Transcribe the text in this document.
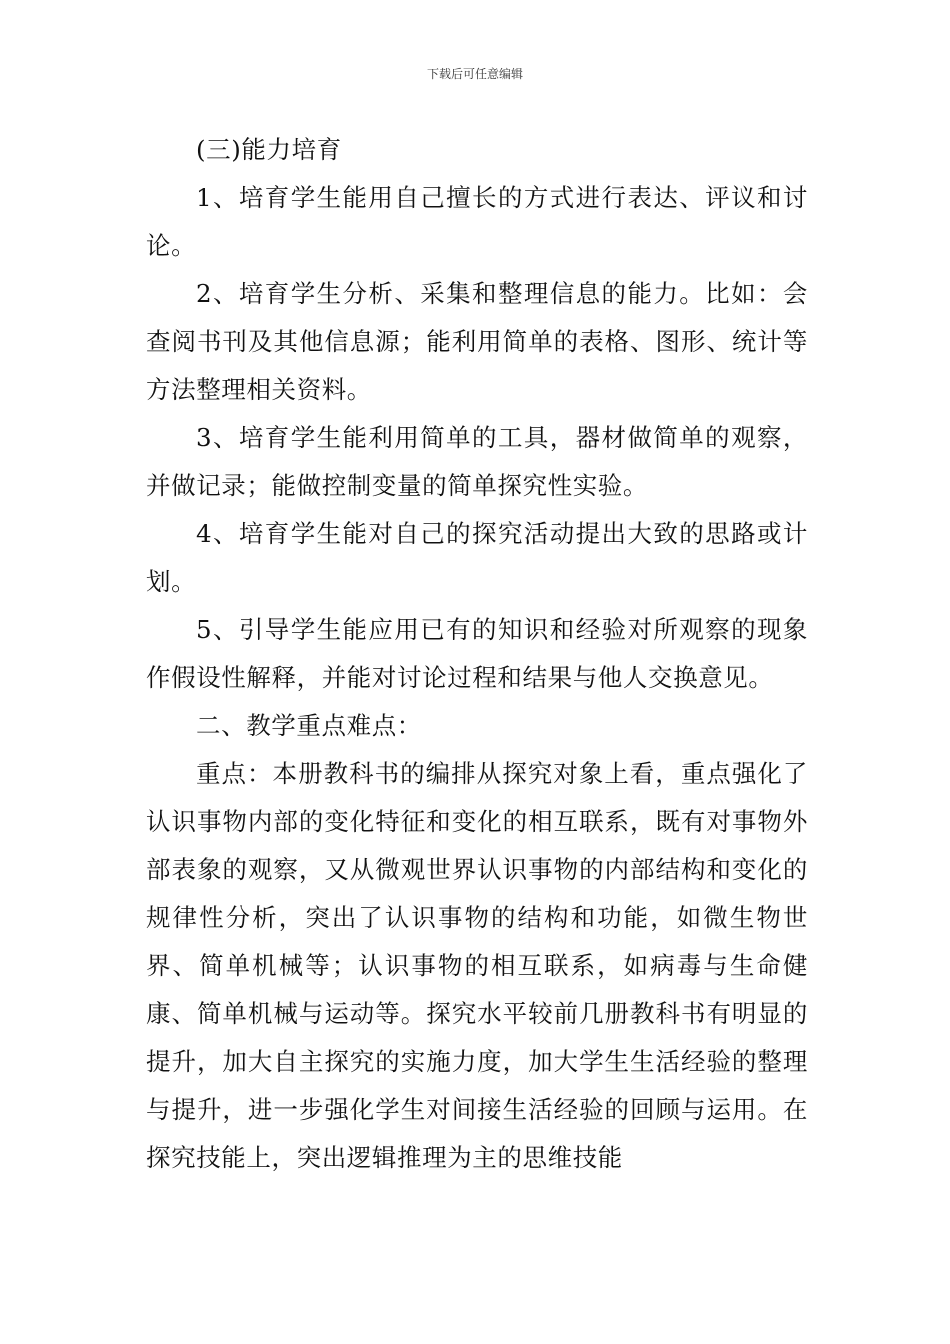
下载后可任意编辑

(三)能力培育

1、培育学生能用自己擅长的方式进行表达、评议和讨论。

2、培育学生分析、采集和整理信息的能力。比如：会查阅书刊及其他信息源；能利用简单的表格、图形、统计等方法整理相关资料。

3、培育学生能利用简单的工具，器材做简单的观察，并做记录；能做控制变量的简单探究性实验。

4、培育学生能对自己的探究活动提出大致的思路或计划。

5、引导学生能应用已有的知识和经验对所观察的现象作假设性解释，并能对讨论过程和结果与他人交换意见。

二、教学重点难点：

重点：本册教科书的编排从探究对象上看，重点强化了认识事物内部的变化特征和变化的相互联系，既有对事物外部表象的观察，又从微观世界认识事物的内部结构和变化的规律性分析，突出了认识事物的结构和功能，如微生物世界、简单机械等；认识事物的相互联系，如病毒与生命健康、简单机械与运动等。探究水平较前几册教科书有明显的提升，加大自主探究的实施力度，加大学生生活经验的整理与提升，进一步强化学生对间接生活经验的回顾与运用。在探究技能上，突出逻辑推理为主的思维技能
